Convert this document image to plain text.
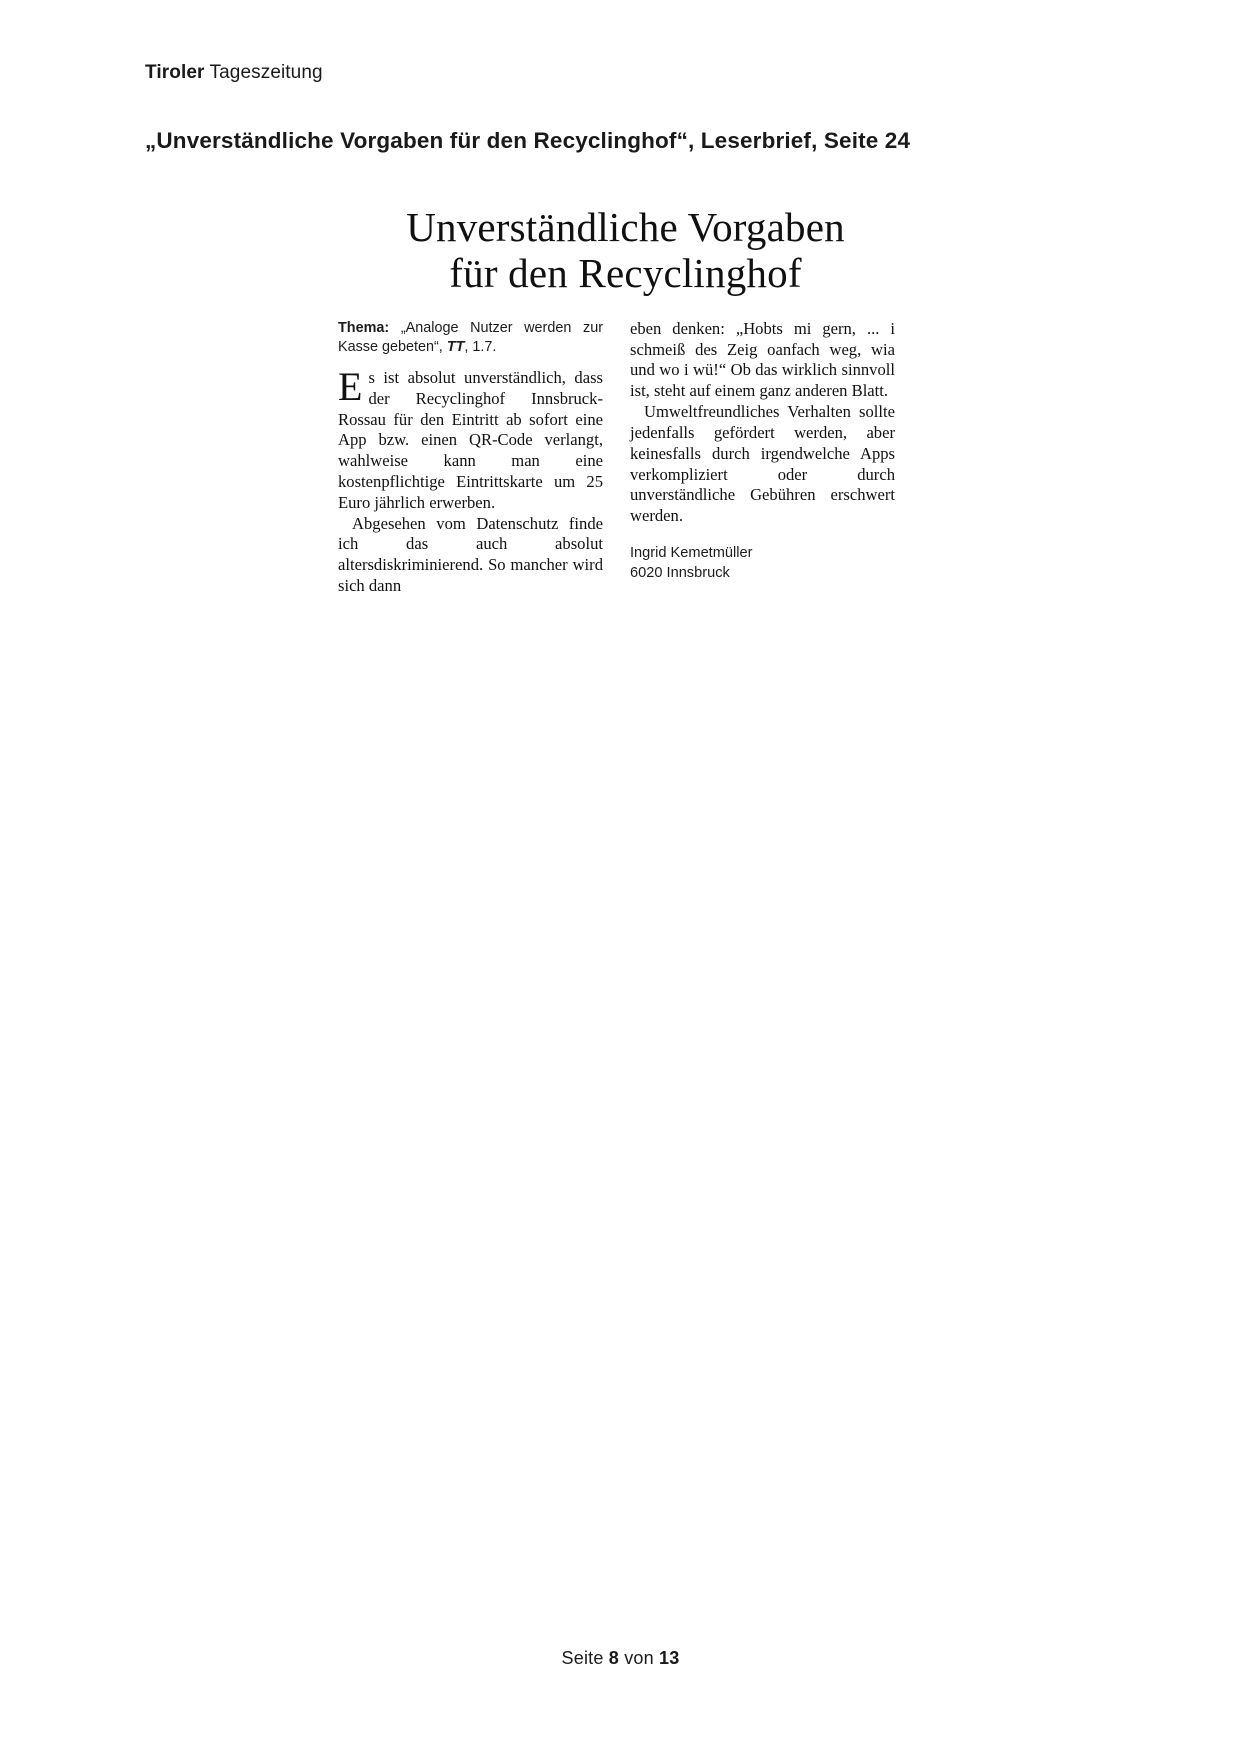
Tiroler Tageszeitung
„Unverständliche Vorgaben für den Recyclinghof“, Leserbrief, Seite 24
Unverständliche Vorgaben
für den Recyclinghof

Thema: „Analoge Nutzer werden zur Kasse gebeten“, TT, 1.7.

Es ist absolut unverständlich, dass der Recyclinghof Innsbruck-Rossau für den Eintritt ab sofort eine App bzw. einen QR-Code verlangt, wahlweise kann man eine kostenpflichtige Eintrittskarte um 25 Euro jährlich erwerben.

Abgesehen vom Datenschutz finde ich das auch absolut altersdiskriminierend. So mancher wird sich dann

eben denken: „Hobts mi gern, ... i schmeiß des Zeig oanfach weg, wia und wo i wü!“ Ob das wirklich sinnvoll ist, steht auf einem ganz anderen Blatt.

Umweltfreundliches Verhalten sollte jedenfalls gefördert werden, aber keinesfalls durch irgendwelche Apps verkompliziert oder durch unverständliche Gebühren erschwert werden.

Ingrid Kemetmüller
6020 Innsbruck
Seite 8 von 13
